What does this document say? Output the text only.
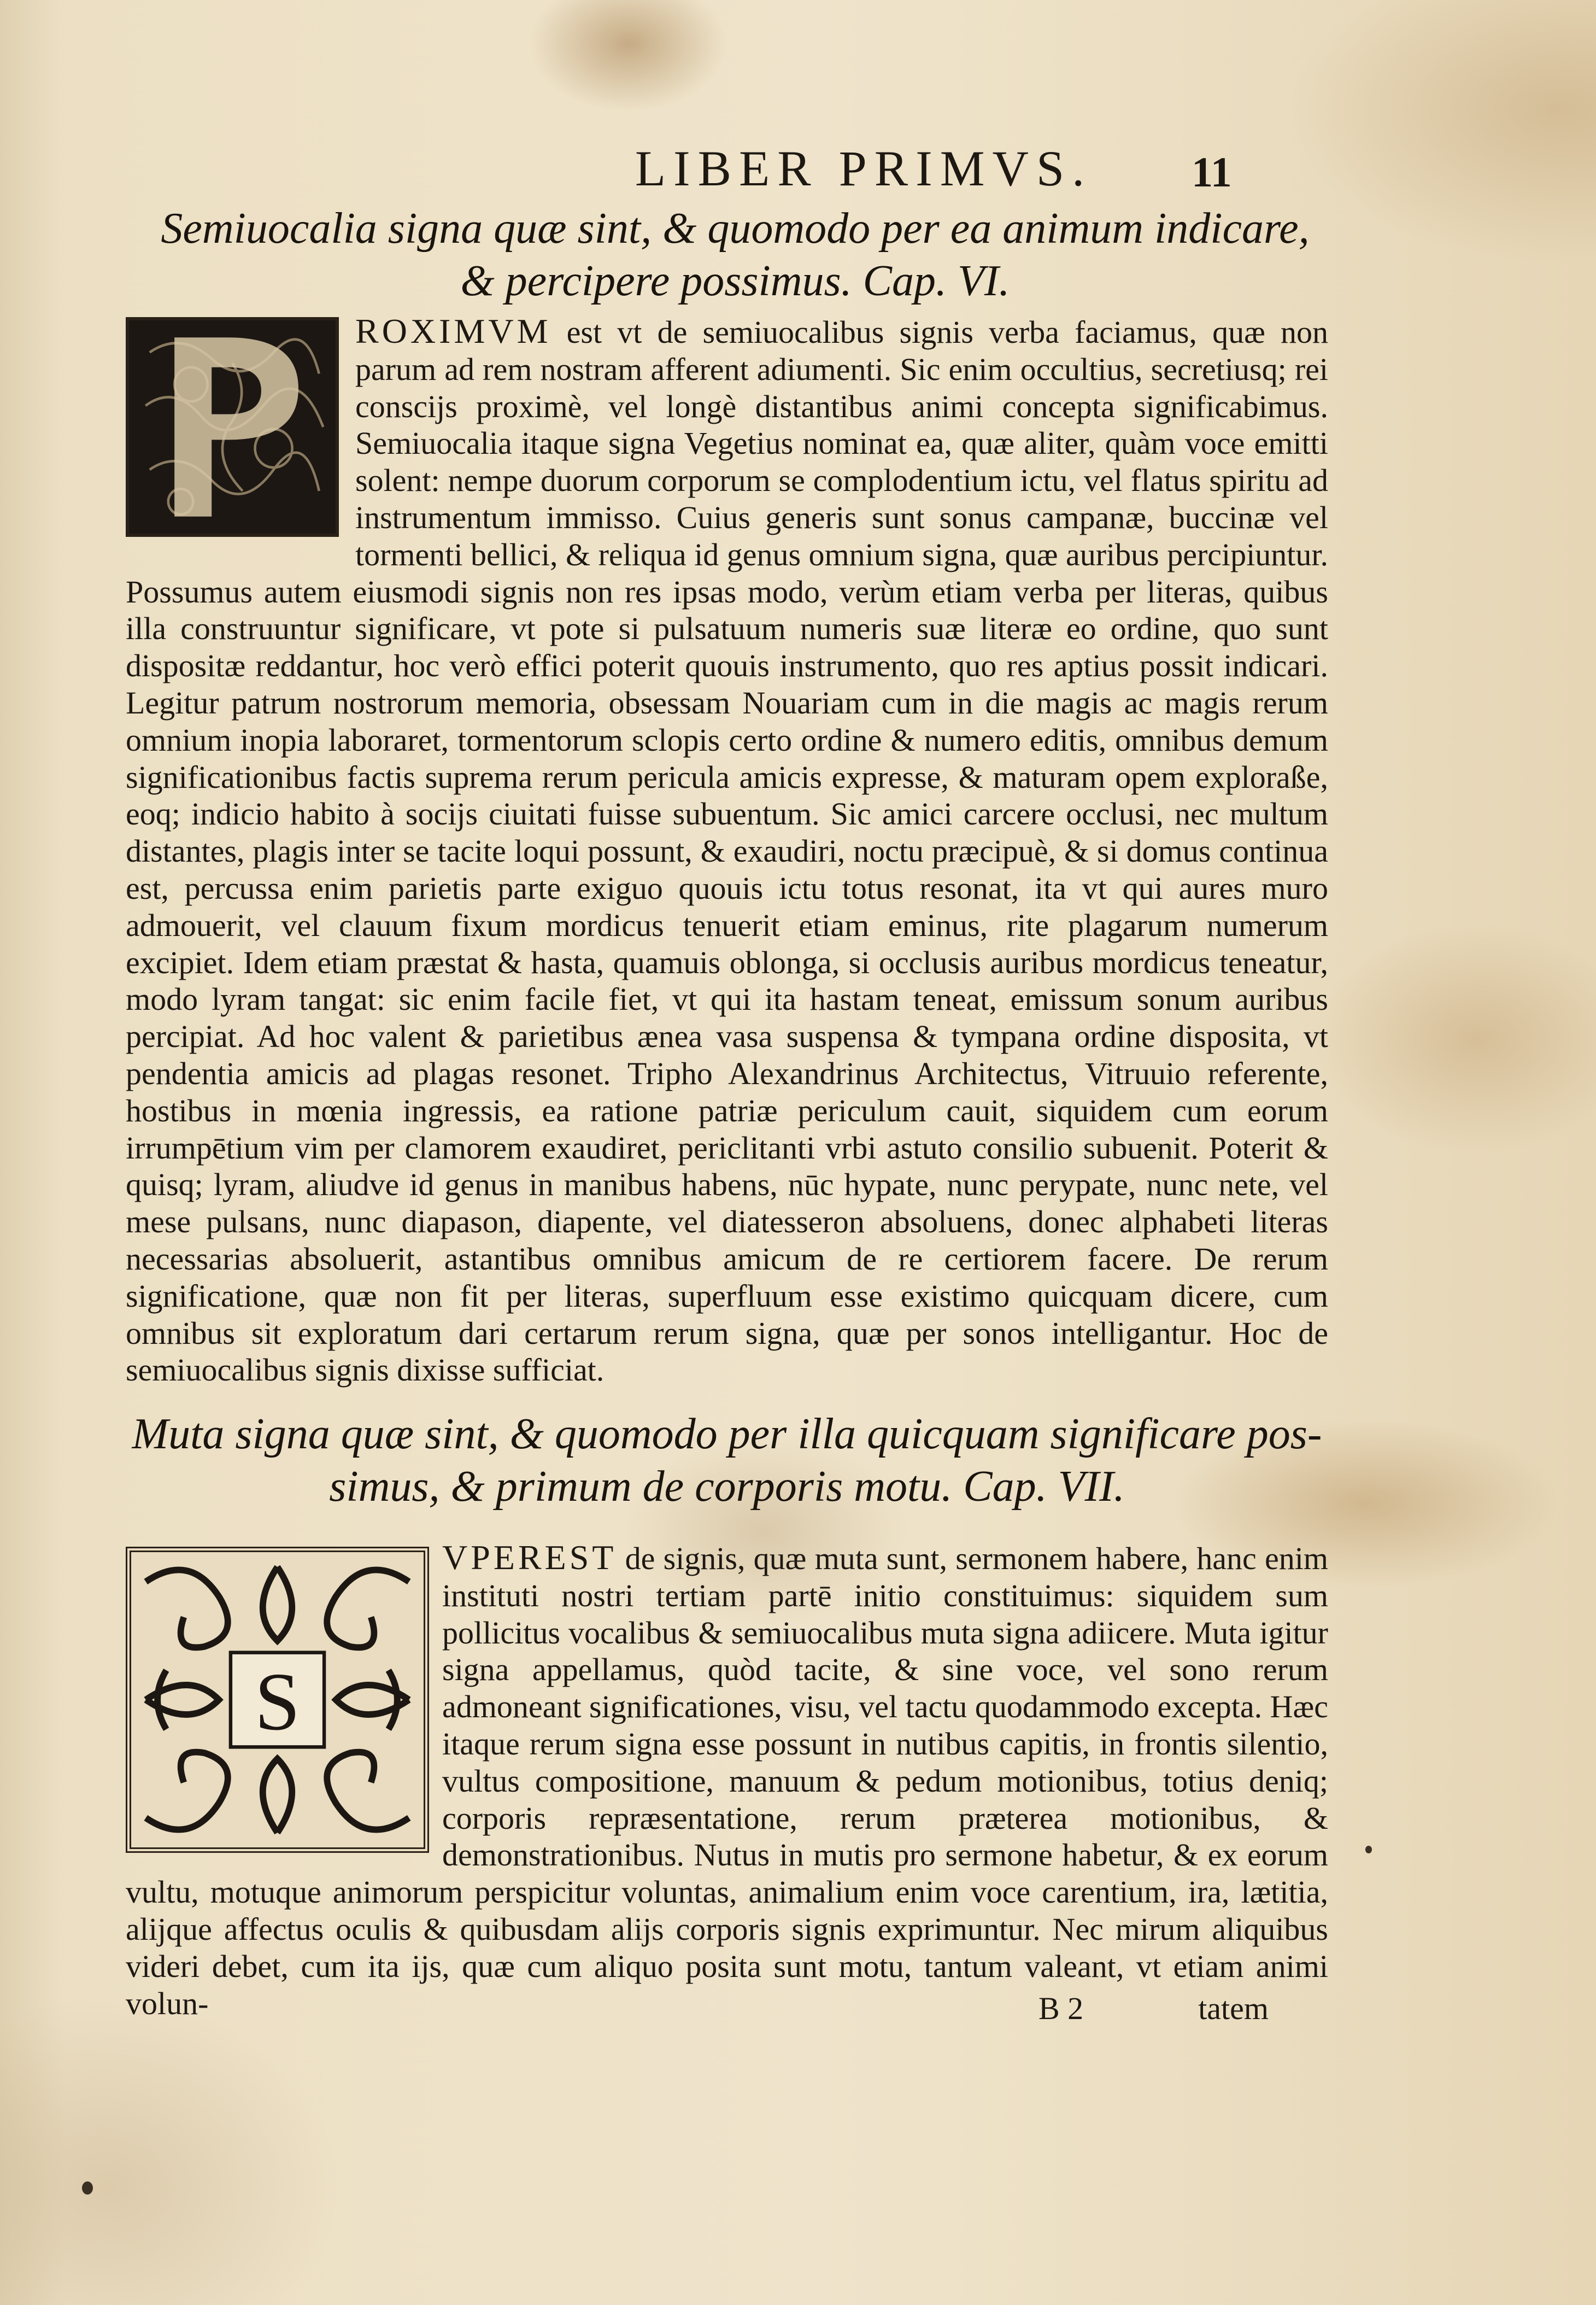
LIBER PRIMVS.	11
Semiuocalia signa quæ sint, & quomodo per ea animum indicare,
& percipere possimus. Cap. VI.
ROXIMVM est vt de semiuocalibus signis verba faciamus, quæ non parum ad rem nostram afferent adiumenti. Sic enim occultius, secretiusq; rei conscijs proximè, vel longè distantibus animi concepta significabimus. Semiuocalia itaque signa Vegetius nominat ea, quæ aliter, quàm voce emitti solent: nempe duorum corporum se complodentium ictu, vel flatus spiritu ad instrumentum immisso. Cuius generis sunt sonus campanæ, buccinæ vel tormenti bellici, & reliqua id genus omnium signa, quæ auribus percipiuntur. Possumus autem eiusmodi signis non res ipsas modo, verùm etiam verba per literas, quibus illa construuntur significare, vt pote si pulsatuum numeris suæ literæ eo ordine, quo sunt dispositæ reddantur, hoc verò effici poterit quouis instrumento, quo res aptius possit indicari. Legitur patrum nostrorum memoria, obsessam Nouariam cum in die magis ac magis rerum omnium inopia laboraret, tormentorum sclopis certo ordine & numero editis, omnibus demum significationibus factis suprema rerum pericula amicis expresse, & maturam opem exploraße, eoq; indicio habito à socijs ciuitati fuisse subuentum. Sic amici carcere occlusi, nec multum distantes, plagis inter se tacite loqui possunt, & exaudiri, noctu præcipuè, & si domus continua est, percussa enim parietis parte exiguo quouis ictu totus resonat, ita vt qui aures muro admouerit, vel clauum fixum mordicus tenuerit etiam eminus, rite plagarum numerum excipiet. Idem etiam præstat & hasta, quamuis oblonga, si occlusis auribus mordicus teneatur, modo lyram tangat: sic enim facile fiet, vt qui ita hastam teneat, emissum sonum auribus percipiat. Ad hoc valent & parietibus ænea vasa suspensa & tympana ordine disposita, vt pendentia amicis ad plagas resonet. Tripho Alexandrinus Architectus, Vitruuio referente, hostibus in mœnia ingressis, ea ratione patriæ periculum cauit, siquidem cum eorum irrumpētium vim per clamorem exaudiret, periclitanti vrbi astuto consilio subuenit. Poterit & quisq; lyram, aliudve id genus in manibus habens, nūc hypate, nunc perypate, nunc nete, vel mese pulsans, nunc diapason, diapente, vel diatesseron absoluens, donec alphabeti literas necessarias absoluerit, astantibus omnibus amicum de re certiorem facere. De rerum significatione, quæ non fit per literas, superfluum esse existimo quicquam dicere, cum omnibus sit exploratum dari certarum rerum signa, quæ per sonos intelligantur. Hoc de semiuocalibus signis dixisse sufficiat.
Muta signa quæ sint, & quomodo per illa quicquam significare pos-
simus, & primum de corporis motu. Cap. VII.
S
VPEREST de signis, quæ muta sunt, sermonem habere, hanc enim instituti nostri tertiam partē initio constituimus: siquidem sum pollicitus vocalibus & semiuocalibus muta signa adiicere. Muta igitur signa appellamus, quòd tacite, & sine voce, vel sono rerum admoneant significationes, visu, vel tactu quodammodo excepta. Hæc itaque rerum signa esse possunt in nutibus capitis, in frontis silentio, vultus compositione, manuum & pedum motionibus, totius deniq; corporis repræsentatione, rerum præterea motionibus, & demonstrationibus. Nutus in mutis pro sermone habetur, & ex eorum vultu, motuque animorum perspicitur voluntas, animalium enim voce carentium, ira, lætitia, alijque affectus oculis & quibusdam alijs corporis signis exprimuntur. Nec mirum aliquibus videri debet, cum ita ijs, quæ cum aliquo posita sunt motu, tantum valeant, vt etiam animi volun-	B 2	tatem
